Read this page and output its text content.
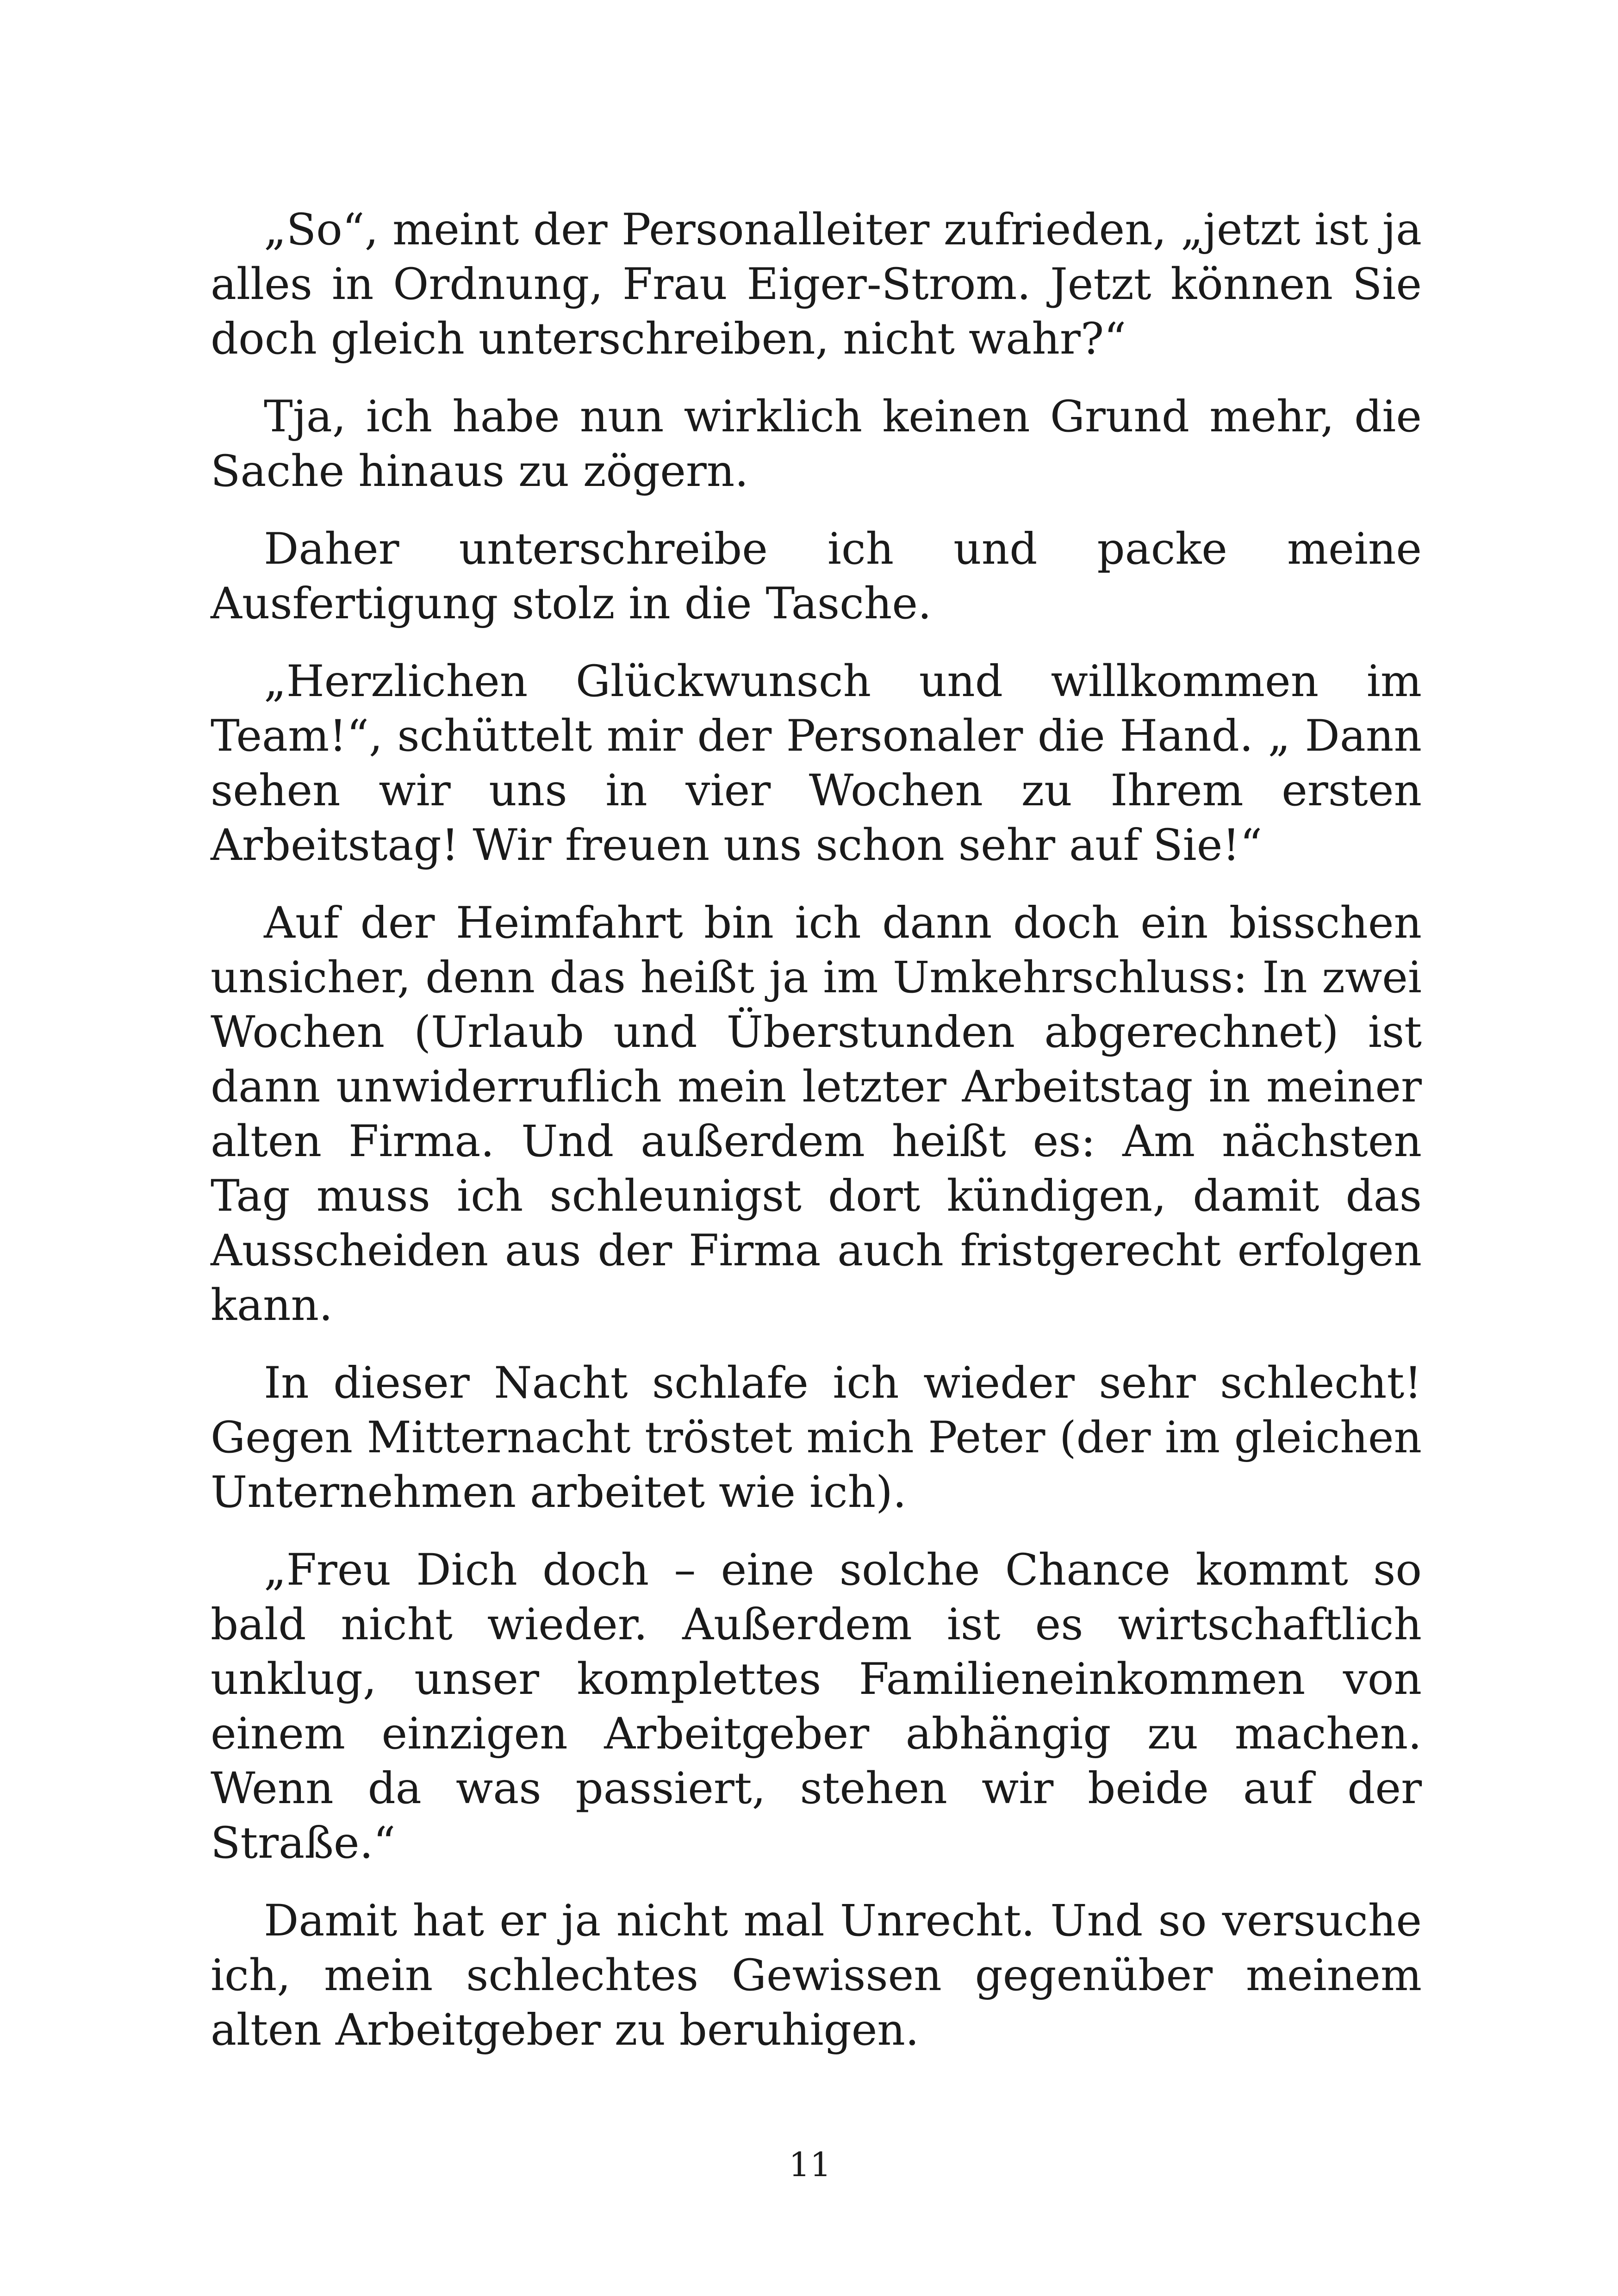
„So“, meint der Personalleiter zufrieden, „jetzt ist ja alles in Ordnung, Frau Eiger-Strom. Jetzt können Sie doch gleich unterschreiben, nicht wahr?“

Tja, ich habe nun wirklich keinen Grund mehr, die Sache hinaus zu zögern.

Daher unterschreibe ich und packe meine Ausfertigung stolz in die Tasche.

„Herzlichen Glückwunsch und willkommen im Team!“, schüttelt mir der Personaler die Hand. „ Dann sehen wir uns in vier Wochen zu Ihrem ersten Arbeitstag! Wir freuen uns schon sehr auf Sie!“

Auf der Heimfahrt bin ich dann doch ein bisschen unsicher, denn das heißt ja im Umkehrschluss: In zwei Wochen (Urlaub und Überstunden abgerechnet) ist dann unwiderruflich mein letzter Arbeitstag in meiner alten Firma. Und außerdem heißt es: Am nächsten Tag muss ich schleunigst dort kündigen, damit das Ausscheiden aus der Firma auch fristgerecht erfolgen kann.

In dieser Nacht schlafe ich wieder sehr schlecht! Gegen Mitternacht tröstet mich Peter (der im gleichen Unternehmen arbeitet wie ich).

„Freu Dich doch – eine solche Chance kommt so bald nicht wieder. Außerdem ist es wirtschaftlich unklug, unser komplettes Familieneinkommen von einem einzigen Arbeitgeber abhängig zu machen. Wenn da was passiert, stehen wir beide auf der Straße.“

Damit hat er ja nicht mal Unrecht. Und so versuche ich, mein schlechtes Gewissen gegenüber meinem alten Arbeitgeber zu beruhigen.

11
